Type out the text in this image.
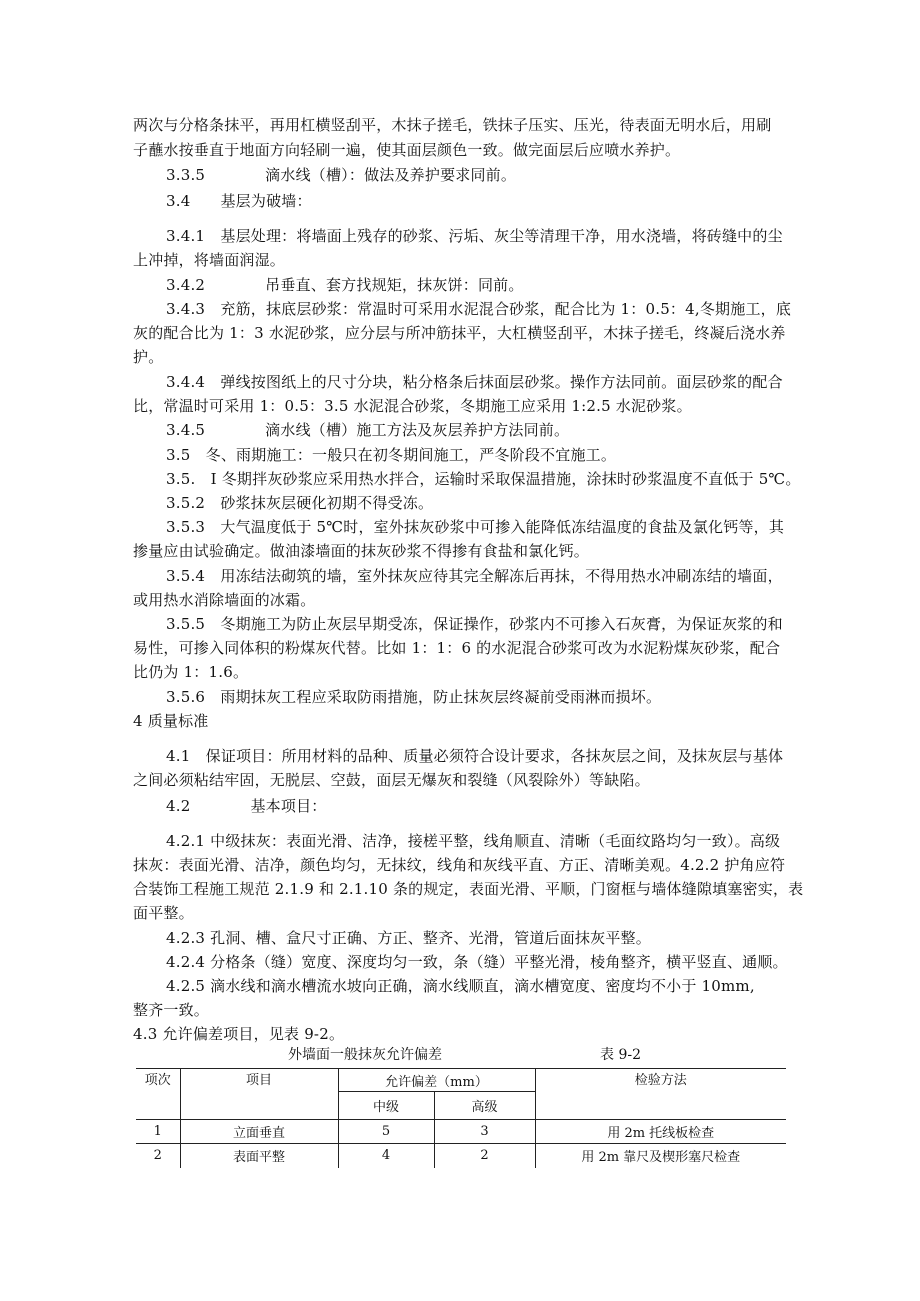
两次与分格条抹平，再用杠横竖刮平，木抹子搓毛，铁抹子压实、压光，待表面无明水后，用刷
子蘸水按垂直于地面方向轻刷一遍，使其面层颜色一致。做完面层后应喷水养护。
3.3.5	滴水线（槽）：做法及养护要求同前。
3.4 基层为破墙：
3.4.1　基层处理：将墙面上残存的砂浆、污垢、灰尘等清理干净，用水浇墙，将砖缝中的尘
上冲掉，将墙面润湿。
3.4.2	吊垂直、套方找规矩，抹灰饼：同前。
3.4.3　充筋，抹底层砂浆：常温时可采用水泥混合砂浆，配合比为 1：0.5：4,冬期施工，底
灰的配合比为 1：3 水泥砂浆，应分层与所冲筋抹平，大杠横竖刮平，木抹子搓毛，终凝后浇水养
护。
3.4.4　弹线按图纸上的尺寸分块，粘分格条后抹面层砂浆。操作方法同前。面层砂浆的配合
比，常温时可采用 1：0.5：3.5 水泥混合砂浆，冬期施工应采用 1:2.5 水泥砂浆。
3.4.5	滴水线（槽）施工方法及灰层养护方法同前。
3.5　冬、雨期施工：一般只在初冬期间施工，严冬阶段不宜施工。
3.5.　I 冬期拌灰砂浆应采用热水拌合，运输时采取保温措施，涂抹时砂浆温度不直低于 5℃。
3.5.2　砂浆抹灰层硬化初期不得受冻。
3.5.3　大气温度低于 5℃时，室外抹灰砂浆中可掺入能降低冻结温度的食盐及氯化钙等，其
掺量应由试验确定。做油漆墙面的抹灰砂浆不得掺有食盐和氯化钙。
3.5.4　用冻结法砌筑的墙，室外抹灰应待其完全解冻后再抹，不得用热水冲刷冻结的墙面，
或用热水消除墙面的冰霜。
3.5.5　冬期施工为防止灰层早期受冻，保证操作，砂浆内不可掺入石灰膏，为保证灰浆的和
易性，可掺入同体积的粉煤灰代替。比如 1：1：6 的水泥混合砂浆可改为水泥粉煤灰砂浆，配合
比仍为 1：1.6。
3.5.6　雨期抹灰工程应采取防雨措施，防止抹灰层终凝前受雨淋而损坏。
4 质量标准
4.1　保证项目：所用材料的品种、质量必须符合设计要求，各抹灰层之间，及抹灰层与基体
之间必须粘结牢固，无脱层、空鼓，面层无爆灰和裂缝（风裂除外）等缺陷。
4.2	基本项目：
4.2.1 中级抹灰：表面光滑、洁净，接槎平整，线角顺直、清晰（毛面纹路均匀一致）。高级
抹灰：表面光滑、洁净，颜色均匀，无抹纹，线角和灰线平直、方正、清晰美观。4.2.2 护角应符
合装饰工程施工规范 2.1.9 和 2.1.10 条的规定，表面光滑、平顺，门窗框与墙体缝隙填塞密实，表
面平整。
4.2.3 孔洞、槽、盒尺寸正确、方正、整齐、光滑，管道后面抹灰平整。
4.2.4 分格条（缝）宽度、深度均匀一致，条（缝）平整光滑，棱角整齐，横平竖直、通顺。
4.2.5 滴水线和滴水槽流水坡向正确，滴水线顺直，滴水槽宽度、密度均不小于 10mm,
整齐一致。
4.3 允许偏差项目，见表 9-2。
外墙面一般抹灰允许偏差	表 9-2
项次	项目	允许偏差（mm）		检验方法
		中级	高级	
1	立面垂直	5	3	用 2m 托线板检查
2	表面平整	4	2	用 2m 靠尺及楔形塞尺检查
